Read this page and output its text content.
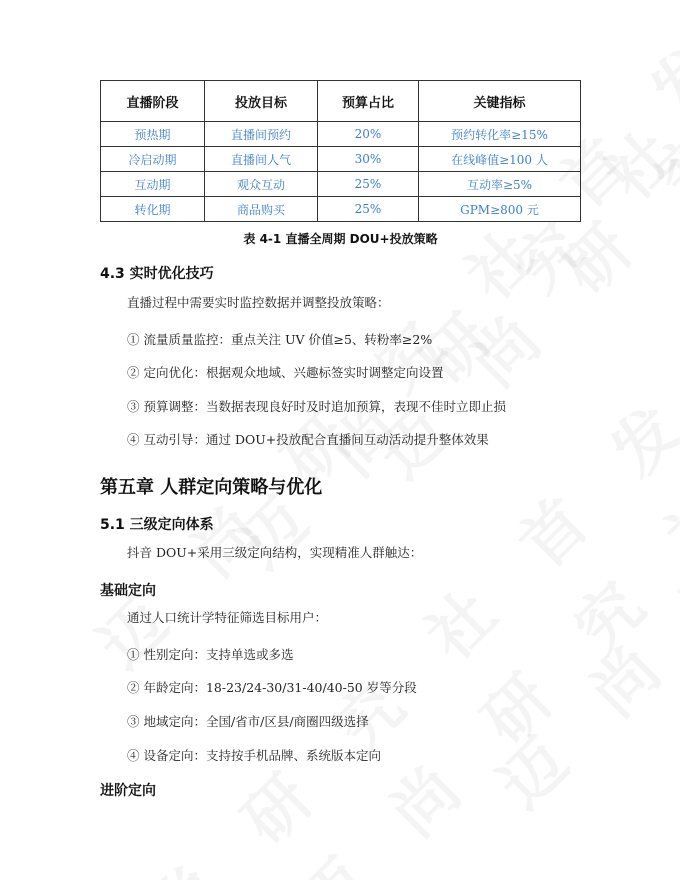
直播阶段	投放目标	预算占比	关键指标
预热期	直播间预约	20%	预约转化率≥15%
冷启动期	直播间人气	30%	在线峰值≥100 人
互动期	观众互动	25%	互动率≥5%
转化期	商品购买	25%	GPM≥800 元
表 4-1 直播全周期 DOU+投放策略
4.3 实时优化技巧
直播过程中需要实时监控数据并调整投放策略：
① 流量质量监控：重点关注 UV 价值≥5、转粉率≥2%
② 定向优化：根据观众地域、兴趣标签实时调整定向设置
③ 预算调整：当数据表现良好时及时追加预算，表现不佳时立即止损
④ 互动引导：通过 DOU+投放配合直播间互动活动提升整体效果
第五章 人群定向策略与优化
5.1 三级定向体系
抖音 DOU+采用三级定向结构，实现精准人群触达：
基础定向
通过人口统计学特征筛选目标用户：
① 性别定向：支持单选或多选
② 年龄定向：18-23/24-30/31-40/40-50 岁等分段
③ 地域定向：全国/省市/区县/商圈四级选择
④ 设备定向：支持按手机品牌、系统版本定向
进阶定向
